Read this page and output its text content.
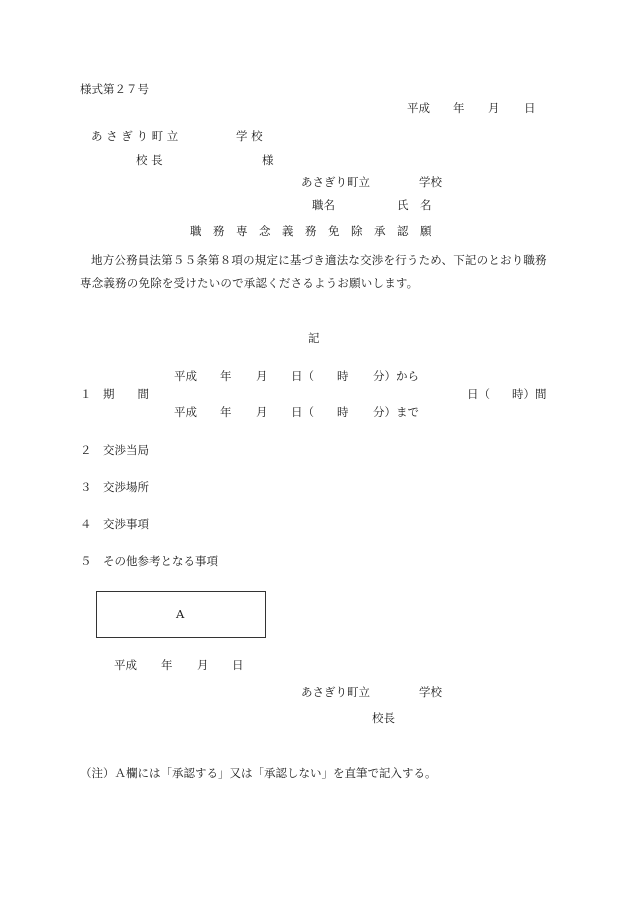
様式第２７号
平成 年 月 日
あ さ ぎ り 町 立	学 校
校 長	様
あさぎり町立	学校
職名	氏　名
職　務　専　念　義　務　免　除　承　認　願
地方公務員法第５５条第８項の規定に基づき適法な交渉を行うため、下記のとおり職務
専念義務の免除を受けたいので承認くださるようお願いします。
記
平成 年 月 日（ 時 分）から
１ 期　　間	日（ 時）間
平成 年 月 日（ 時 分）まで
２ 交渉当局
３ 交渉場所
４ 交渉事項
５ その他参考となる事項
A
平成 年 月 日
あさぎり町立	学校
校長
（注）Ａ欄には「承認する」又は「承認しない」を直筆で記入する。
